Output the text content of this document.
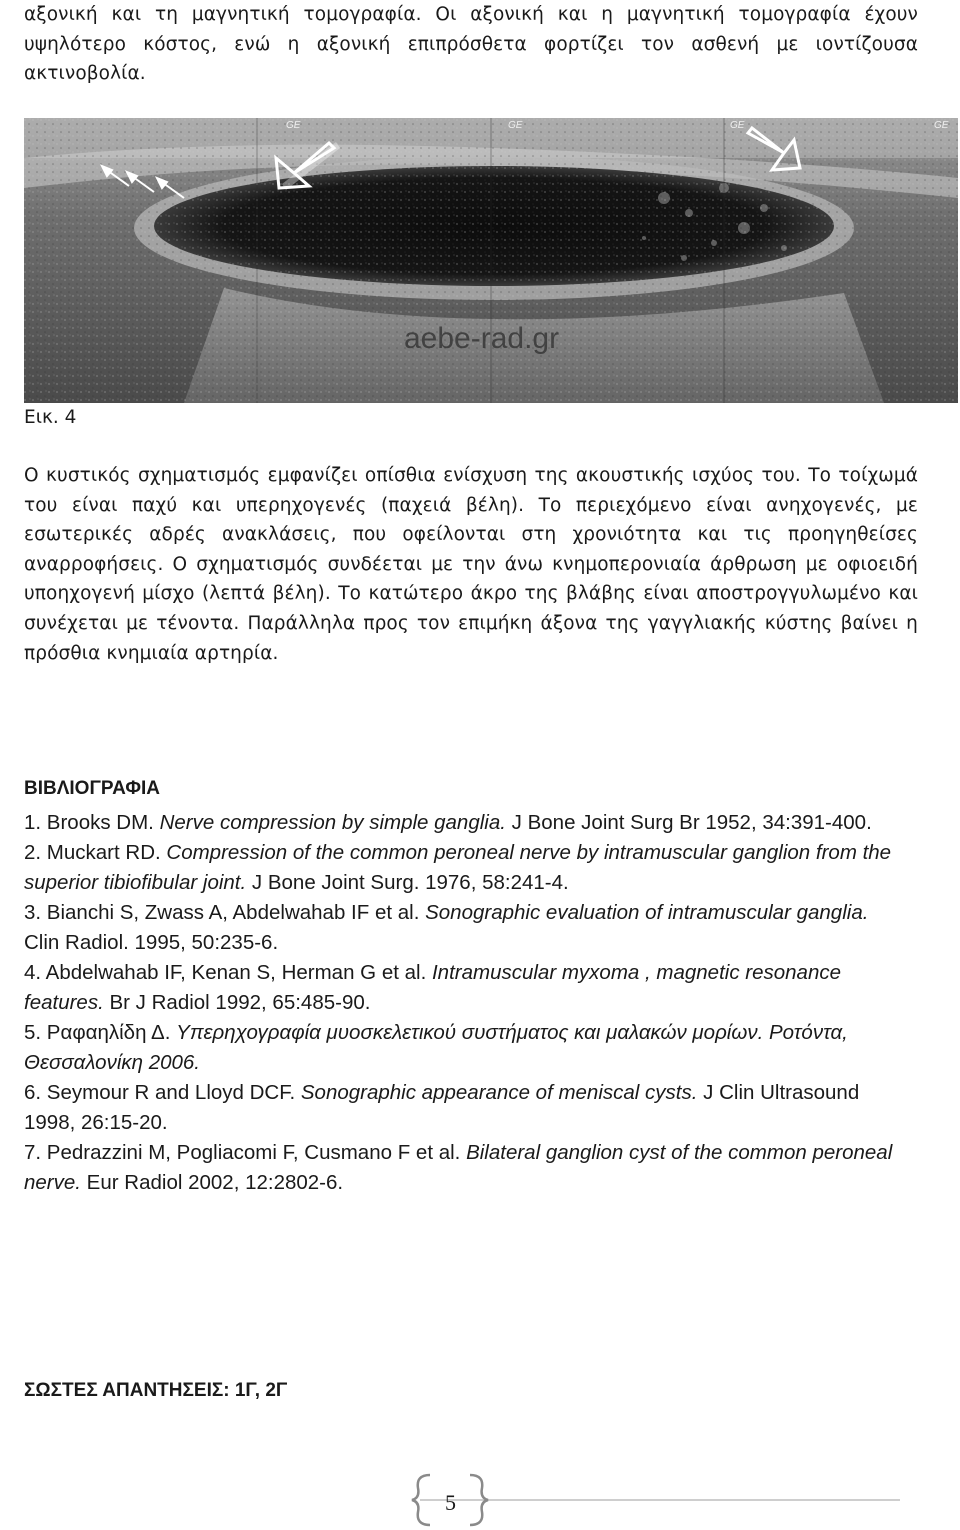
αξονική και τη μαγνητική τομογραφία. Οι αξονική και η μαγνητική τομογραφία έχουν υψηλότερο κόστος, ενώ η αξονική επιπρόσθετα φορτίζει τον ασθενή με ιοντίζουσα ακτινοβολία.

GE	GE	GE	GE
aebe-rad.gr

Εικ. 4

Ο κυστικός σχηματισμός εμφανίζει οπίσθια ενίσχυση της ακουστικής ισχύος του. Το τοίχωμά του είναι παχύ και υπερηχογενές (παχειά βέλη). Το περιεχόμενο είναι ανηχογενές, με εσωτερικές αδρές ανακλάσεις, που οφείλονται στη χρονιότητα και τις προηγηθείσες αναρροφήσεις. Ο σχηματισμός συνδέεται με την άνω κνημοπερονιαία άρθρωση με οφιοειδή υποηχογενή μίσχο (λεπτά βέλη). Το κατώτερο άκρο της βλάβης είναι αποστρογγυλωμένο και συνέχεται με τένοντα. Παράλληλα προς τον επιμήκη άξονα της γαγγλιακής κύστης βαίνει η πρόσθια κνημιαία αρτηρία.

ΒΙΒΛΙΟΓΡΑΦΙΑ

1. Brooks DM. Nerve compression by simple ganglia. J Bone Joint Surg Br 1952, 34:391-400.
2. Muckart RD. Compression of the common peroneal nerve by intramuscular ganglion from the superior tibiofibular joint. J Bone Joint Surg. 1976, 58:241-4.
3. Bianchi S, Zwass A, Abdelwahab IF et al. Sonographic evaluation of intramuscular ganglia. Clin Radiol. 1995, 50:235-6.
4. Abdelwahab IF, Kenan S, Herman G et al. Intramuscular myxoma , magnetic resonance features. Br J Radiol 1992, 65:485-90.
5. Ραφαηλίδη Δ. Υπερηχογραφία μυοσκελετικού συστήματος και μαλακών μορίων. Ροτόντα, Θεσσαλονίκη 2006.
6. Seymour R and Lloyd DCF. Sonographic appearance of meniscal cysts. J Clin Ultrasound 1998, 26:15-20.
7. Pedrazzini M, Pogliacomi F, Cusmano F et al. Bilateral ganglion cyst of the common peroneal nerve. Eur Radiol 2002, 12:2802-6.

ΣΩΣΤΕΣ ΑΠΑΝΤΗΣΕΙΣ: 1Γ, 2Γ

5
